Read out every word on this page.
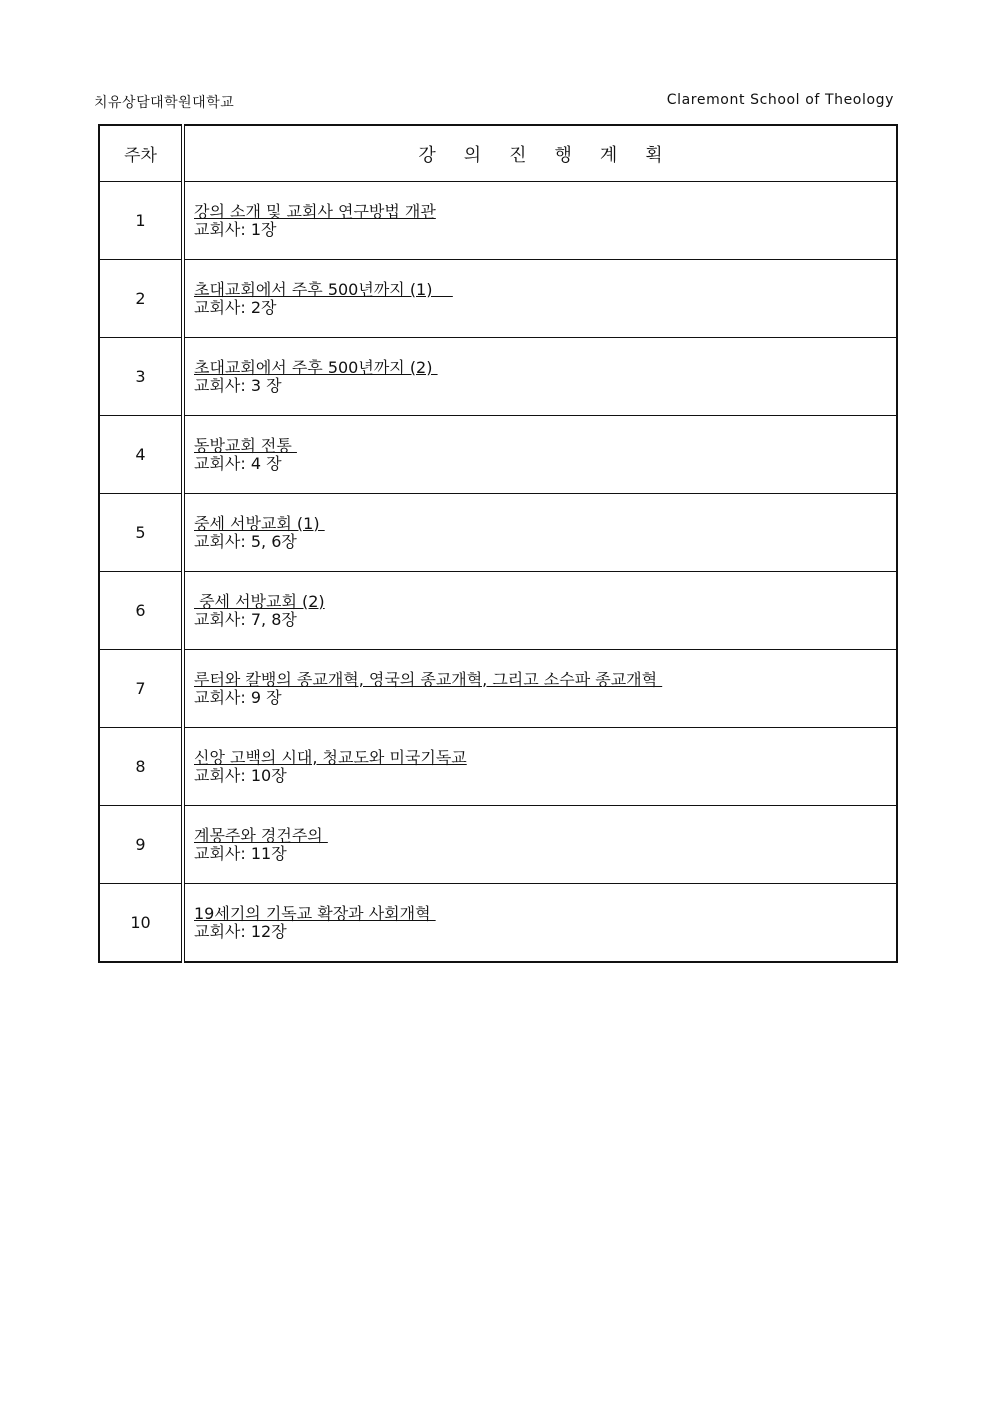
치유상담대학원대학교	Claremont School of Theology
주차	강의진행계획
1	강의 소개 및 교회사 연구방법 개관
교회사: 1장

2	초대교회에서 주후 500년까지 (1)
교회사: 2장

3	초대교회에서 주후 500년까지 (2)
교회사: 3 장

4	동방교회 전통
교회사: 4 장

5	중세 서방교회 (1)
교회사: 5, 6장

6	중세 서방교회 (2)
교회사: 7, 8장

7	루터와 칼뱅의 종교개혁, 영국의 종교개혁, 그리고 소수파 종교개혁
교회사: 9 장

8	신앙 고백의 시대, 청교도와 미국기독교
교회사: 10장

9	계몽주와 경건주의
교회사: 11장

10	19세기의 기독교 확장과 사회개혁
교회사: 12장
